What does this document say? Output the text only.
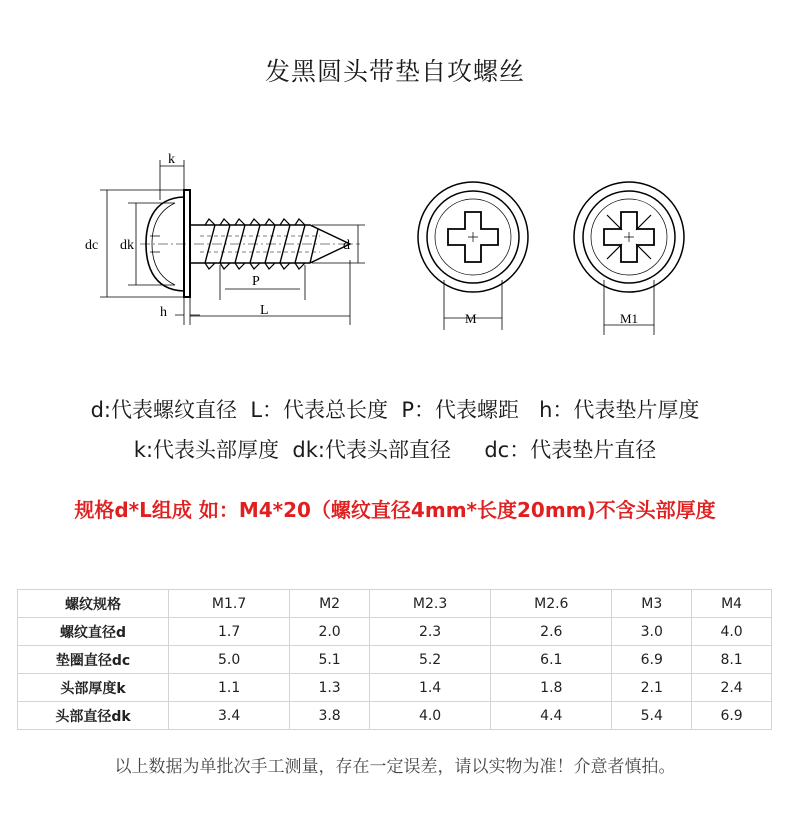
发黑圆头带垫自攻螺丝
k
dc dk	d
P
h	L
M	M1
d:代表螺纹直径  L：代表总长度  P：代表螺距   h：代表垫片厚度
k:代表头部厚度  dk:代表头部直径     dc：代表垫片直径
规格d*L组成 如：M4*20（螺纹直径4mm*长度20mm)不含头部厚度
螺纹规格	M1.7	M2	M2.3	M2.6	M3	M4
螺纹直径d	1.7	2.0	2.3	2.6	3.0	4.0
垫圈直径dc	5.0	5.1	5.2	6.1	6.9	8.1
头部厚度k	1.1	1.3	1.4	1.8	2.1	2.4
头部直径dk	3.4	3.8	4.0	4.4	5.4	6.9
以上数据为单批次手工测量，存在一定误差，请以实物为准！介意者慎拍。
